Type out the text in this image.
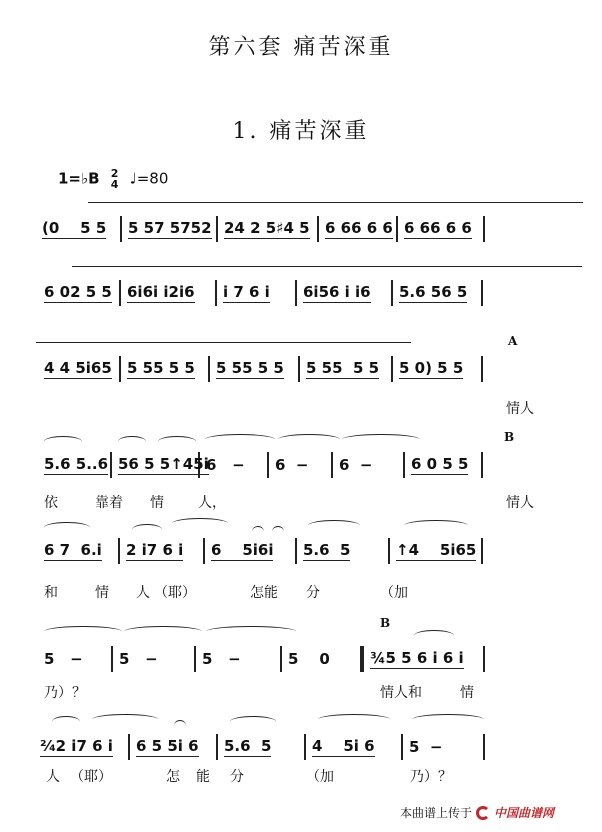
第六套 痛苦深重
1. 痛苦深重
1=♭B 2
4 ♩=80
(0    5 5 5 57 5752 24 2 5♯4 5 6 66 6 6 6 66 6 6
6 02 5 5 6i6i i2i6 i 7 6 i 6i56 i i6 5.6 56 5
A
4 4 5i65 5 55 5 5 5 55 5 5 5 55  5 5 5 0) 5 5
情人
B
5.6 5..6 56 5 5↑45i
6   − 6  − 6  −	6 0 5 5
依	靠着 情 人，	情人
6 7  6.i 2 i7 6 i 6    5i6i 5.6  5	↑4    5i65
和	情 人 （耶）	怎能 分	（加
B
5   − 5   −	5   −	5    0	¾5 5 6 i 6 i
乃）？	情人和	情
²⁄₄2 i7 6 i 6 5 5i 6 5.6  5	4    5i 6 5  −
人 （耶）	怎 能 分	（加	乃）？
本曲谱上传于 中国曲谱网
